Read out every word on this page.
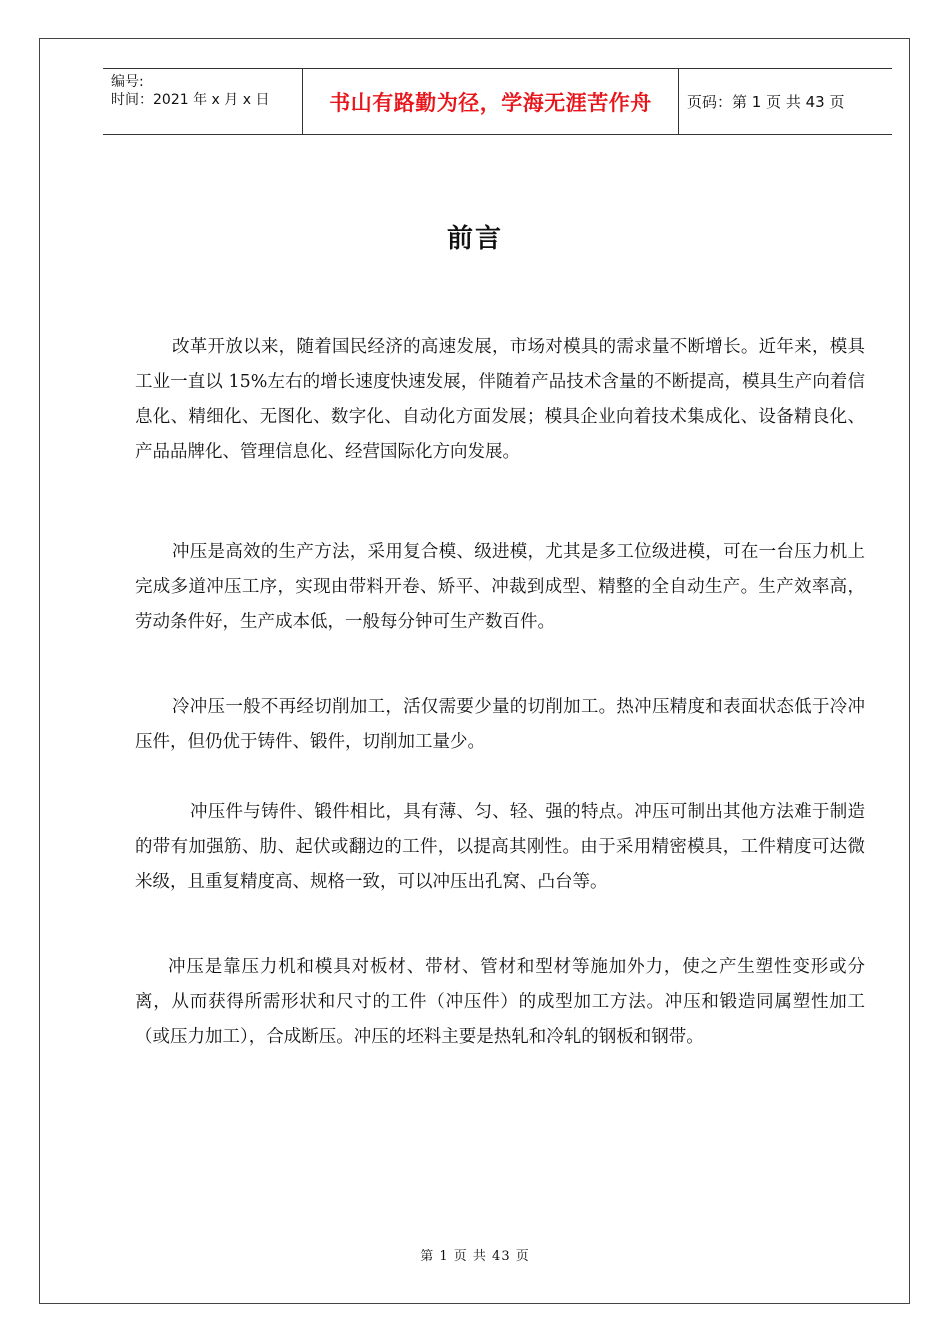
编号:
时间：2021 年 x 月 x 日	书山有路勤为径，学海无涯苦作舟	页码：第 1 页 共 43 页
前言
改革开放以来，随着国民经济的高速发展，市场对模具的需求量不断增长。近年来，模具工业一直以 15%左右的增长速度快速发展，伴随着产品技术含量的不断提高，模具生产向着信息化、精细化、无图化、数字化、自动化方面发展；模具企业向着技术集成化、设备精良化、产品品牌化、管理信息化、经营国际化方向发展。
冲压是高效的生产方法，采用复合模、级进模，尤其是多工位级进模，可在一台压力机上完成多道冲压工序，实现由带料开卷、矫平、冲裁到成型、精整的全自动生产。生产效率高，劳动条件好，生产成本低，一般每分钟可生产数百件。
冷冲压一般不再经切削加工，活仅需要少量的切削加工。热冲压精度和表面状态低于冷冲压件，但仍优于铸件、锻件，切削加工量少。
冲压件与铸件、锻件相比，具有薄、匀、轻、强的特点。冲压可制出其他方法难于制造的带有加强筋、肋、起伏或翻边的工件，以提高其刚性。由于采用精密模具，工件精度可达微米级，且重复精度高、规格一致，可以冲压出孔窝、凸台等。
冲压是靠压力机和模具对板材、带材、管材和型材等施加外力，使之产生塑性变形或分离，从而获得所需形状和尺寸的工件（冲压件）的成型加工方法。冲压和锻造同属塑性加工（或压力加工），合成断压。冲压的坯料主要是热轧和冷轧的钢板和钢带。
第 1 页 共 43 页
